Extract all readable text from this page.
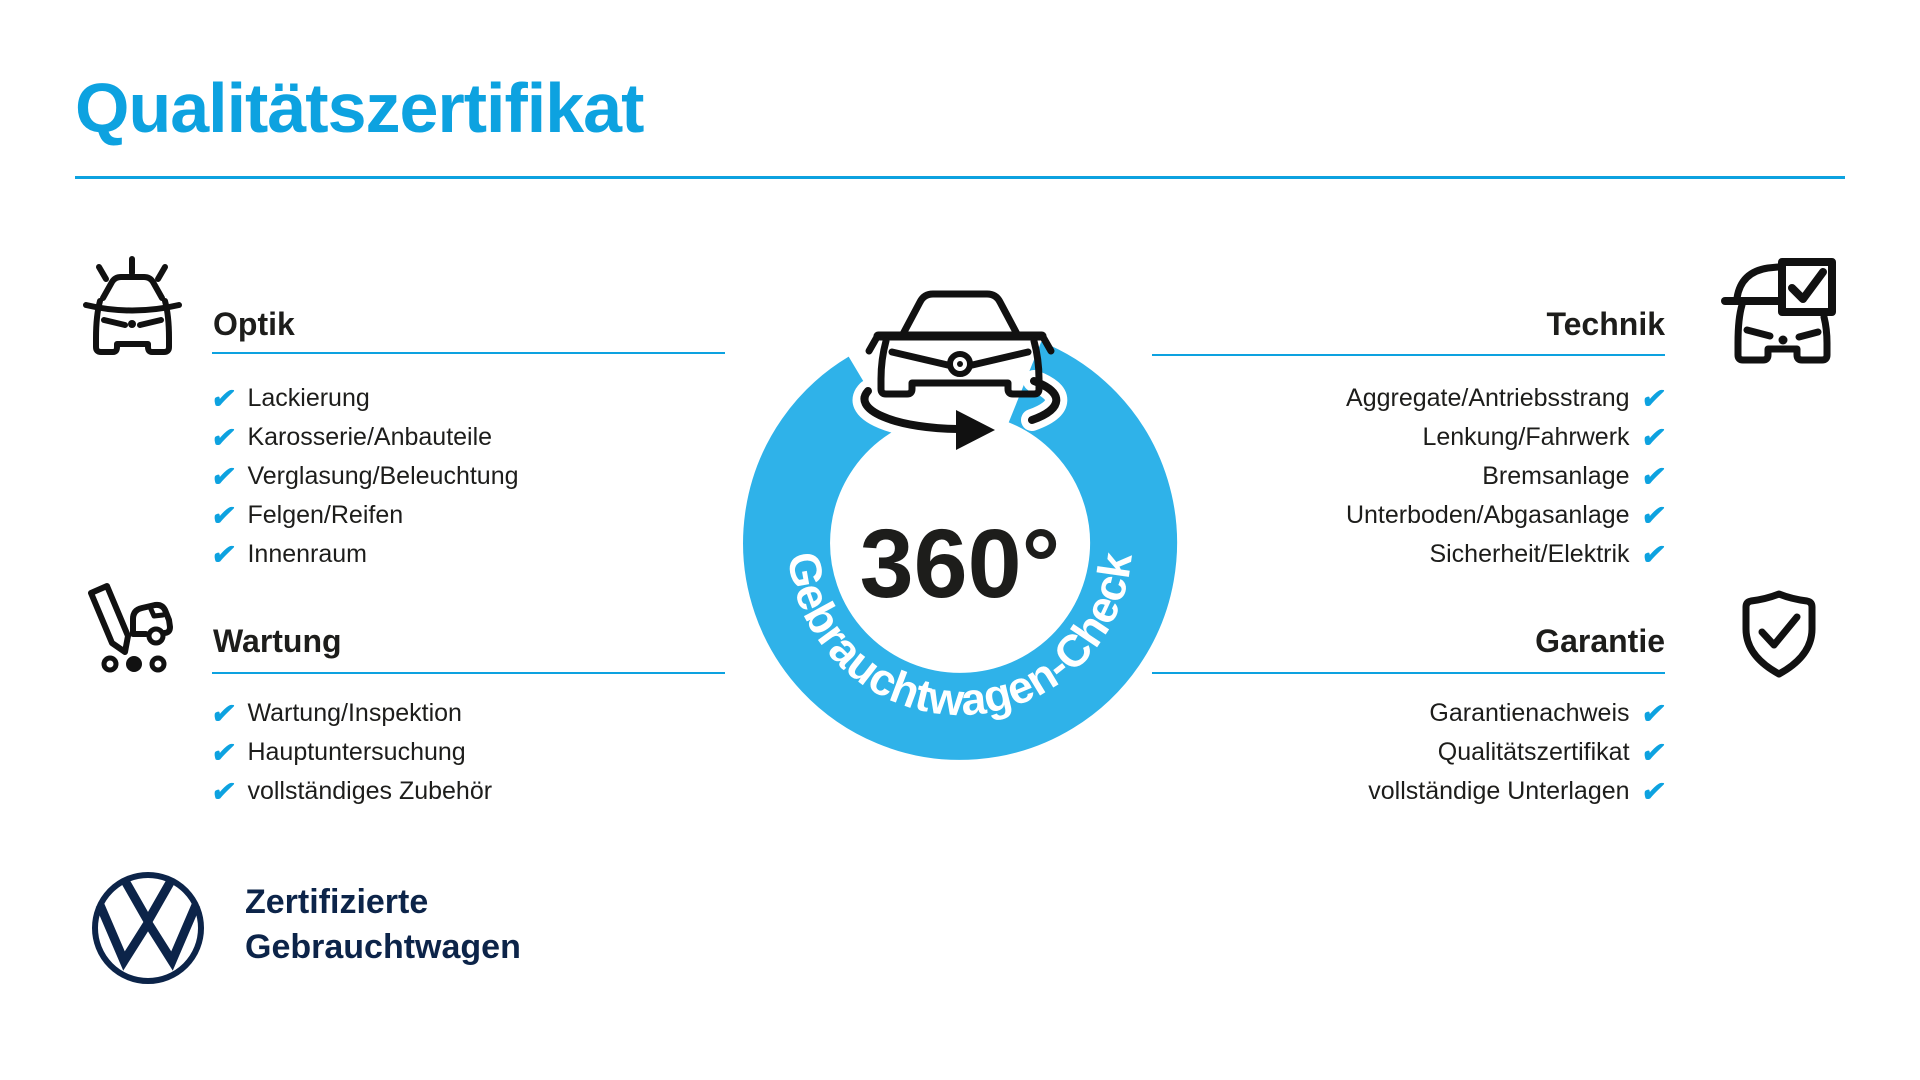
Qualitätszertifikat
Optik
✔ Lackierung
✔ Karosserie/Anbauteile
✔ Verglasung/Beleuchtung
✔ Felgen/Reifen
✔ Innenraum
Wartung
✔ Wartung/Inspektion
✔ Hauptuntersuchung
✔ vollständiges Zubehör
Technik
Aggregate/Antriebsstrang ✔
Lenkung/Fahrwerk ✔
Bremsanlage ✔
Unterboden/Abgasanlage ✔
Sicherheit/Elektrik ✔
Garantie
Garantienachweis ✔
Qualitätszertifikat ✔
vollständige Unterlagen ✔
Zertifizierte
Gebrauchtwagen
Gebrauchtwagen-Check
360°
